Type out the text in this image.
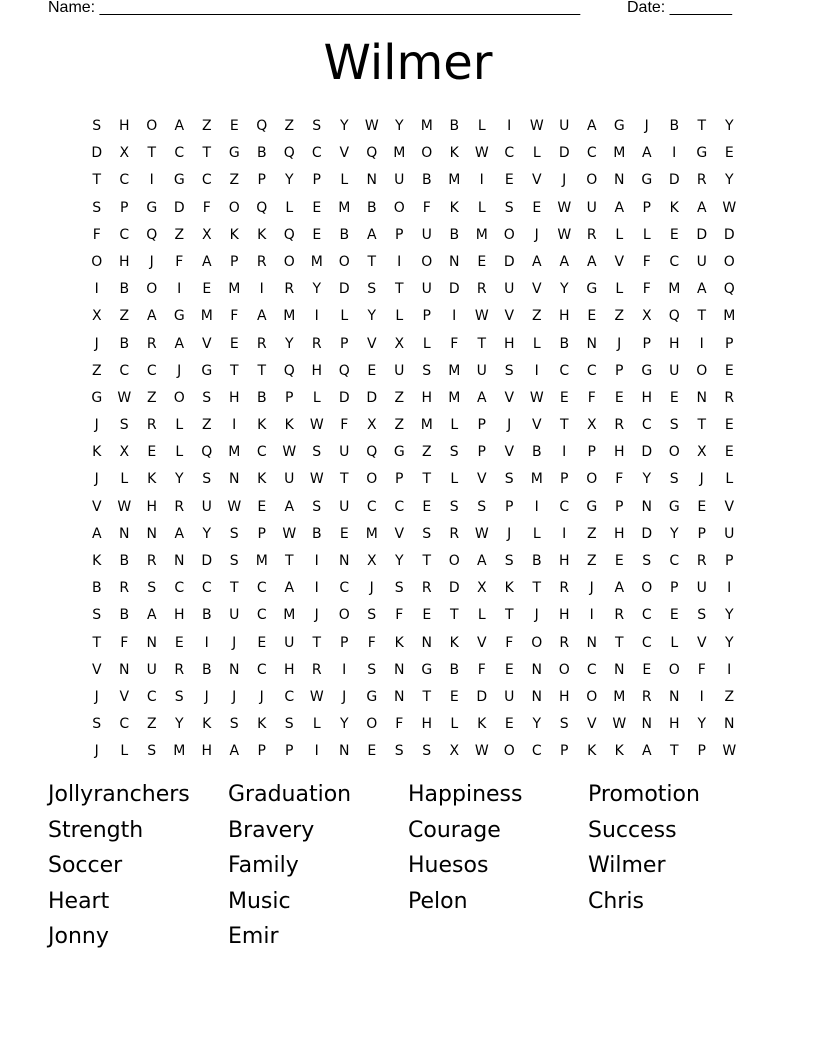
Name: ______________________________________________________	Date: _______
Wilmer
S	H	O	A	Z	E	Q	Z	S	Y	W	Y	M	B	L	I	W	U	A	G	J	B	T	Y
D	X	T	C	T	G	B	Q	C	V	Q	M	O	K	W	C	L	D	C	M	A	I	G	E
T	C	I	G	C	Z	P	Y	P	L	N	U	B	M	I	E	V	J	O	N	G	D	R	Y
S	P	G	D	F	O	Q	L	E	M	B	O	F	K	L	S	E	W	U	A	P	K	A	W
F	C	Q	Z	X	K	K	Q	E	B	A	P	U	B	M	O	J	W	R	L	L	E	D	D
O	H	J	F	A	P	R	O	M	O	T	I	O	N	E	D	A	A	A	V	F	C	U	O
I	B	O	I	E	M	I	R	Y	D	S	T	U	D	R	U	V	Y	G	L	F	M	A	Q
X	Z	A	G	M	F	A	M	I	L	Y	L	P	I	W	V	Z	H	E	Z	X	Q	T	M
J	B	R	A	V	E	R	Y	R	P	V	X	L	F	T	H	L	B	N	J	P	H	I	P
Z	C	C	J	G	T	T	Q	H	Q	E	U	S	M	U	S	I	C	C	P	G	U	O	E
G	W	Z	O	S	H	B	P	L	D	D	Z	H	M	A	V	W	E	F	E	H	E	N	R
J	S	R	L	Z	I	K	K	W	F	X	Z	M	L	P	J	V	T	X	R	C	S	T	E
K	X	E	L	Q	M	C	W	S	U	Q	G	Z	S	P	V	B	I	P	H	D	O	X	E
J	L	K	Y	S	N	K	U	W	T	O	P	T	L	V	S	M	P	O	F	Y	S	J	L
V	W	H	R	U	W	E	A	S	U	C	C	E	S	S	P	I	C	G	P	N	G	E	V
A	N	N	A	Y	S	P	W	B	E	M	V	S	R	W	J	L	I	Z	H	D	Y	P	U
K	B	R	N	D	S	M	T	I	N	X	Y	T	O	A	S	B	H	Z	E	S	C	R	P
B	R	S	C	C	T	C	A	I	C	J	S	R	D	X	K	T	R	J	A	O	P	U	I
S	B	A	H	B	U	C	M	J	O	S	F	E	T	L	T	J	H	I	R	C	E	S	Y
T	F	N	E	I	J	E	U	T	P	F	K	N	K	V	F	O	R	N	T	C	L	V	Y
V	N	U	R	B	N	C	H	R	I	S	N	G	B	F	E	N	O	C	N	E	O	F	I
J	V	C	S	J	J	J	C	W	J	G	N	T	E	D	U	N	H	O	M	R	N	I	Z
S	C	Z	Y	K	S	K	S	L	Y	O	F	H	L	K	E	Y	S	V	W	N	H	Y	N
J	L	S	M	H	A	P	P	I	N	E	S	S	X	W	O	C	P	K	K	A	T	P	W
Jollyranchers	Graduation	Happiness	Promotion
Strength	Bravery	Courage	Success
Soccer	Family	Huesos	Wilmer
Heart	Music	Pelon	Chris
Jonny	Emir
